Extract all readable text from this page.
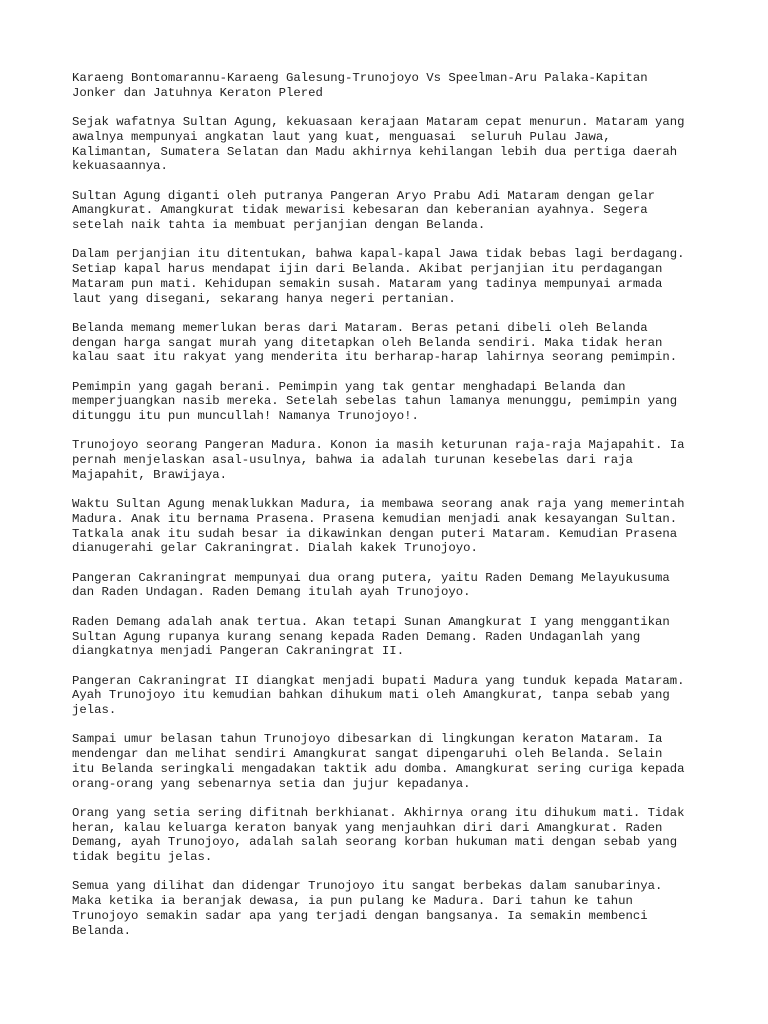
Karaeng Bontomarannu-Karaeng Galesung-Trunojoyo Vs Speelman-Aru Palaka-Kapitan
Jonker dan Jatuhnya Keraton Plered

Sejak wafatnya Sultan Agung, kekuasaan kerajaan Mataram cepat menurun. Mataram yang
awalnya mempunyai angkatan laut yang kuat, menguasai  seluruh Pulau Jawa,
Kalimantan, Sumatera Selatan dan Madu akhirnya kehilangan lebih dua pertiga daerah
kekuasaannya.

Sultan Agung diganti oleh putranya Pangeran Aryo Prabu Adi Mataram dengan gelar
Amangkurat. Amangkurat tidak mewarisi kebesaran dan keberanian ayahnya. Segera
setelah naik tahta ia membuat perjanjian dengan Belanda.

Dalam perjanjian itu ditentukan, bahwa kapal-kapal Jawa tidak bebas lagi berdagang.
Setiap kapal harus mendapat ijin dari Belanda. Akibat perjanjian itu perdagangan
Mataram pun mati. Kehidupan semakin susah. Mataram yang tadinya mempunyai armada
laut yang disegani, sekarang hanya negeri pertanian.

Belanda memang memerlukan beras dari Mataram. Beras petani dibeli oleh Belanda
dengan harga sangat murah yang ditetapkan oleh Belanda sendiri. Maka tidak heran
kalau saat itu rakyat yang menderita itu berharap-harap lahirnya seorang pemimpin.

Pemimpin yang gagah berani. Pemimpin yang tak gentar menghadapi Belanda dan
memperjuangkan nasib mereka. Setelah sebelas tahun lamanya menunggu, pemimpin yang
ditunggu itu pun muncullah! Namanya Trunojoyo!.

Trunojoyo seorang Pangeran Madura. Konon ia masih keturunan raja-raja Majapahit. Ia
pernah menjelaskan asal-usulnya, bahwa ia adalah turunan kesebelas dari raja
Majapahit, Brawijaya.

Waktu Sultan Agung menaklukkan Madura, ia membawa seorang anak raja yang memerintah
Madura. Anak itu bernama Prasena. Prasena kemudian menjadi anak kesayangan Sultan.
Tatkala anak itu sudah besar ia dikawinkan dengan puteri Mataram. Kemudian Prasena
dianugerahi gelar Cakraningrat. Dialah kakek Trunojoyo.

Pangeran Cakraningrat mempunyai dua orang putera, yaitu Raden Demang Melayukusuma
dan Raden Undagan. Raden Demang itulah ayah Trunojoyo.

Raden Demang adalah anak tertua. Akan tetapi Sunan Amangkurat I yang menggantikan
Sultan Agung rupanya kurang senang kepada Raden Demang. Raden Undaganlah yang
diangkatnya menjadi Pangeran Cakraningrat II.

Pangeran Cakraningrat II diangkat menjadi bupati Madura yang tunduk kepada Mataram.
Ayah Trunojoyo itu kemudian bahkan dihukum mati oleh Amangkurat, tanpa sebab yang
jelas.

Sampai umur belasan tahun Trunojoyo dibesarkan di lingkungan keraton Mataram. Ia
mendengar dan melihat sendiri Amangkurat sangat dipengaruhi oleh Belanda. Selain
itu Belanda seringkali mengadakan taktik adu domba. Amangkurat sering curiga kepada
orang-orang yang sebenarnya setia dan jujur kepadanya.

Orang yang setia sering difitnah berkhianat. Akhirnya orang itu dihukum mati. Tidak
heran, kalau keluarga keraton banyak yang menjauhkan diri dari Amangkurat. Raden
Demang, ayah Trunojoyo, adalah salah seorang korban hukuman mati dengan sebab yang
tidak begitu jelas.

Semua yang dilihat dan didengar Trunojoyo itu sangat berbekas dalam sanubarinya.
Maka ketika ia beranjak dewasa, ia pun pulang ke Madura. Dari tahun ke tahun
Trunojoyo semakin sadar apa yang terjadi dengan bangsanya. Ia semakin membenci
Belanda.
